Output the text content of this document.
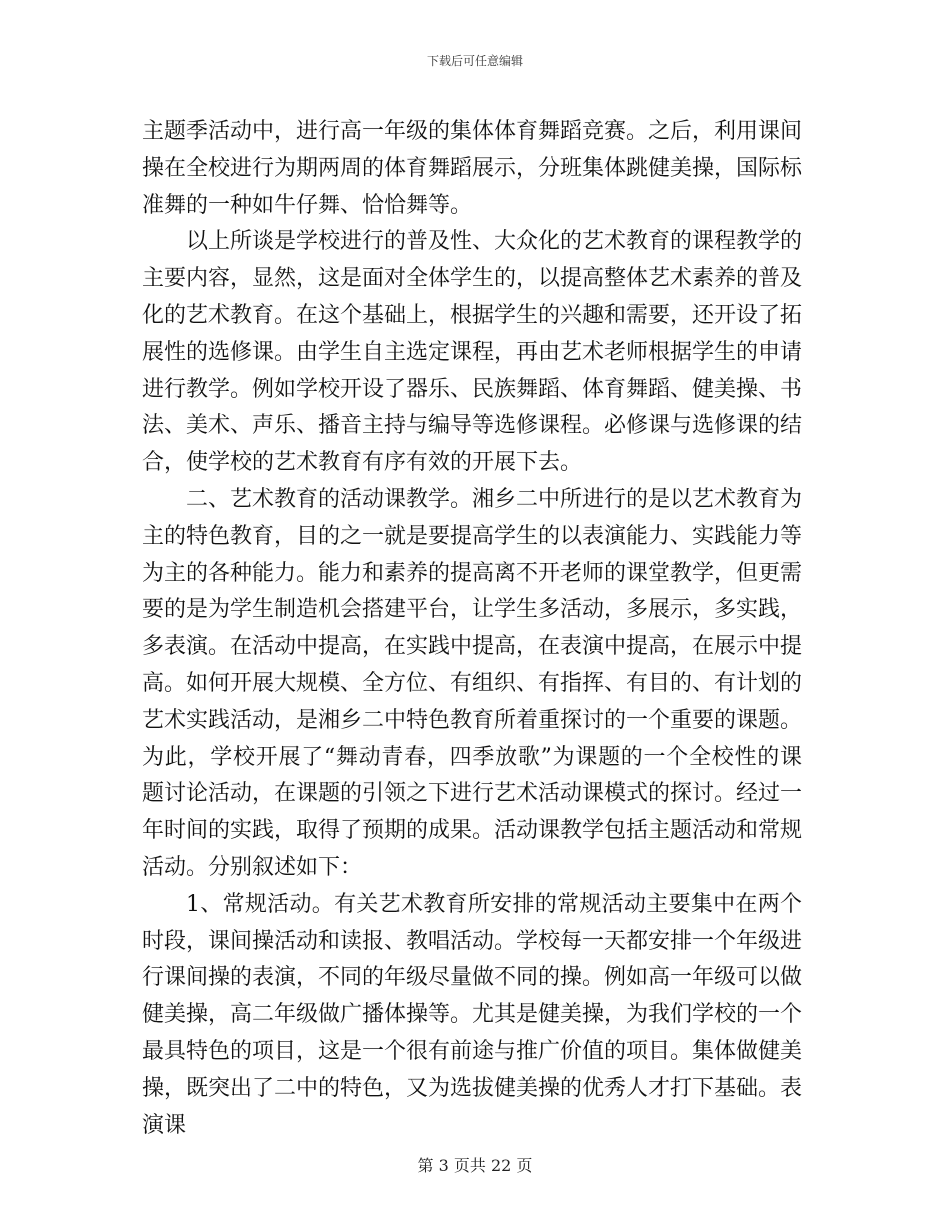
下载后可任意编辑

主题季活动中，进行高一年级的集体体育舞蹈竞赛。之后，利用课间操在全校进行为期两周的体育舞蹈展示，分班集体跳健美操，国际标准舞的一种如牛仔舞、恰恰舞等。

以上所谈是学校进行的普及性、大众化的艺术教育的课程教学的主要内容，显然，这是面对全体学生的，以提高整体艺术素养的普及化的艺术教育。在这个基础上，根据学生的兴趣和需要，还开设了拓展性的选修课。由学生自主选定课程，再由艺术老师根据学生的申请进行教学。例如学校开设了器乐、民族舞蹈、体育舞蹈、健美操、书法、美术、声乐、播音主持与编导等选修课程。必修课与选修课的结合，使学校的艺术教育有序有效的开展下去。

二、艺术教育的活动课教学。湘乡二中所进行的是以艺术教育为主的特色教育，目的之一就是要提高学生的以表演能力、实践能力等为主的各种能力。能力和素养的提高离不开老师的课堂教学，但更需要的是为学生制造机会搭建平台，让学生多活动，多展示，多实践，多表演。在活动中提高，在实践中提高，在表演中提高，在展示中提高。如何开展大规模、全方位、有组织、有指挥、有目的、有计划的艺术实践活动，是湘乡二中特色教育所着重探讨的一个重要的课题。为此，学校开展了“舞动青春，四季放歌”为课题的一个全校性的课题讨论活动，在课题的引领之下进行艺术活动课模式的探讨。经过一年时间的实践，取得了预期的成果。活动课教学包括主题活动和常规活动。分别叙述如下：

1、常规活动。有关艺术教育所安排的常规活动主要集中在两个时段，课间操活动和读报、教唱活动。学校每一天都安排一个年级进行课间操的表演，不同的年级尽量做不同的操。例如高一年级可以做健美操，高二年级做广播体操等。尤其是健美操，为我们学校的一个最具特色的项目，这是一个很有前途与推广价值的项目。集体做健美操，既突出了二中的特色，又为选拔健美操的优秀人才打下基础。表演课

第 3 页共 22 页
